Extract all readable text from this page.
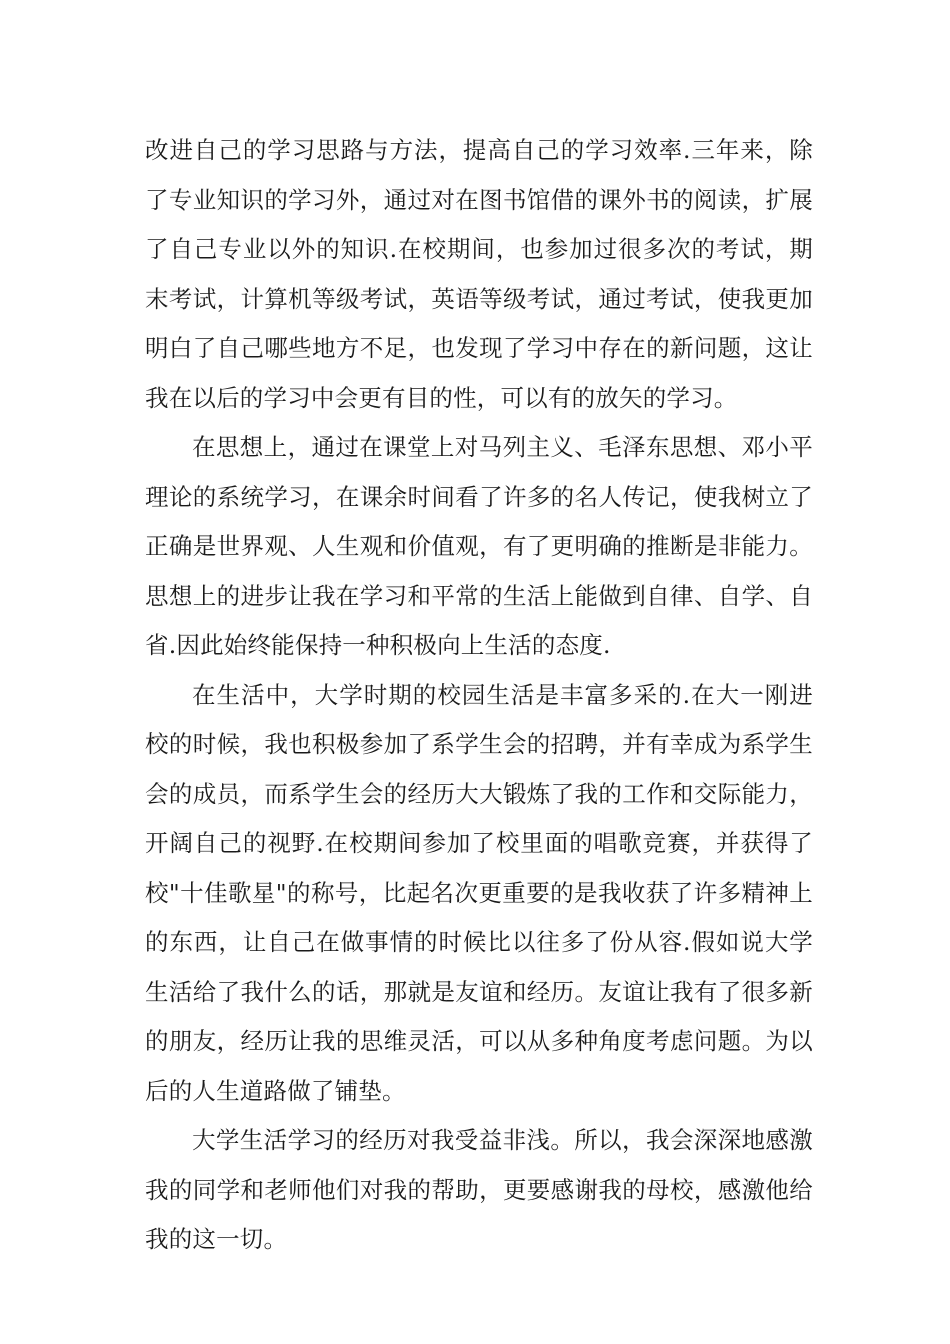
改进自己的学习思路与方法，提高自己的学习效率.三年来，除了专业知识的学习外，通过对在图书馆借的课外书的阅读，扩展了自己专业以外的知识.在校期间，也参加过很多次的考试，期末考试，计算机等级考试，英语等级考试，通过考试，使我更加明白了自己哪些地方不足，也发现了学习中存在的新问题，这让我在以后的学习中会更有目的性，可以有的放矢的学习。

在思想上，通过在课堂上对马列主义、毛泽东思想、邓小平理论的系统学习，在课余时间看了许多的名人传记，使我树立了正确是世界观、人生观和价值观，有了更明确的推断是非能力。思想上的进步让我在学习和平常的生活上能做到自律、自学、自省.因此始终能保持一种积极向上生活的态度.

在生活中，大学时期的校园生活是丰富多采的.在大一刚进校的时候，我也积极参加了系学生会的招聘，并有幸成为系学生会的成员，而系学生会的经历大大锻炼了我的工作和交际能力，开阔自己的视野.在校期间参加了校里面的唱歌竞赛，并获得了校"十佳歌星"的称号，比起名次更重要的是我收获了许多精神上的东西，让自己在做事情的时候比以往多了份从容.假如说大学生活给了我什么的话，那就是友谊和经历。友谊让我有了很多新的朋友，经历让我的思维灵活，可以从多种角度考虑问题。为以后的人生道路做了铺垫。

大学生活学习的经历对我受益非浅。所以，我会深深地感激我的同学和老师他们对我的帮助，更要感谢我的母校，感激他给我的这一切。
